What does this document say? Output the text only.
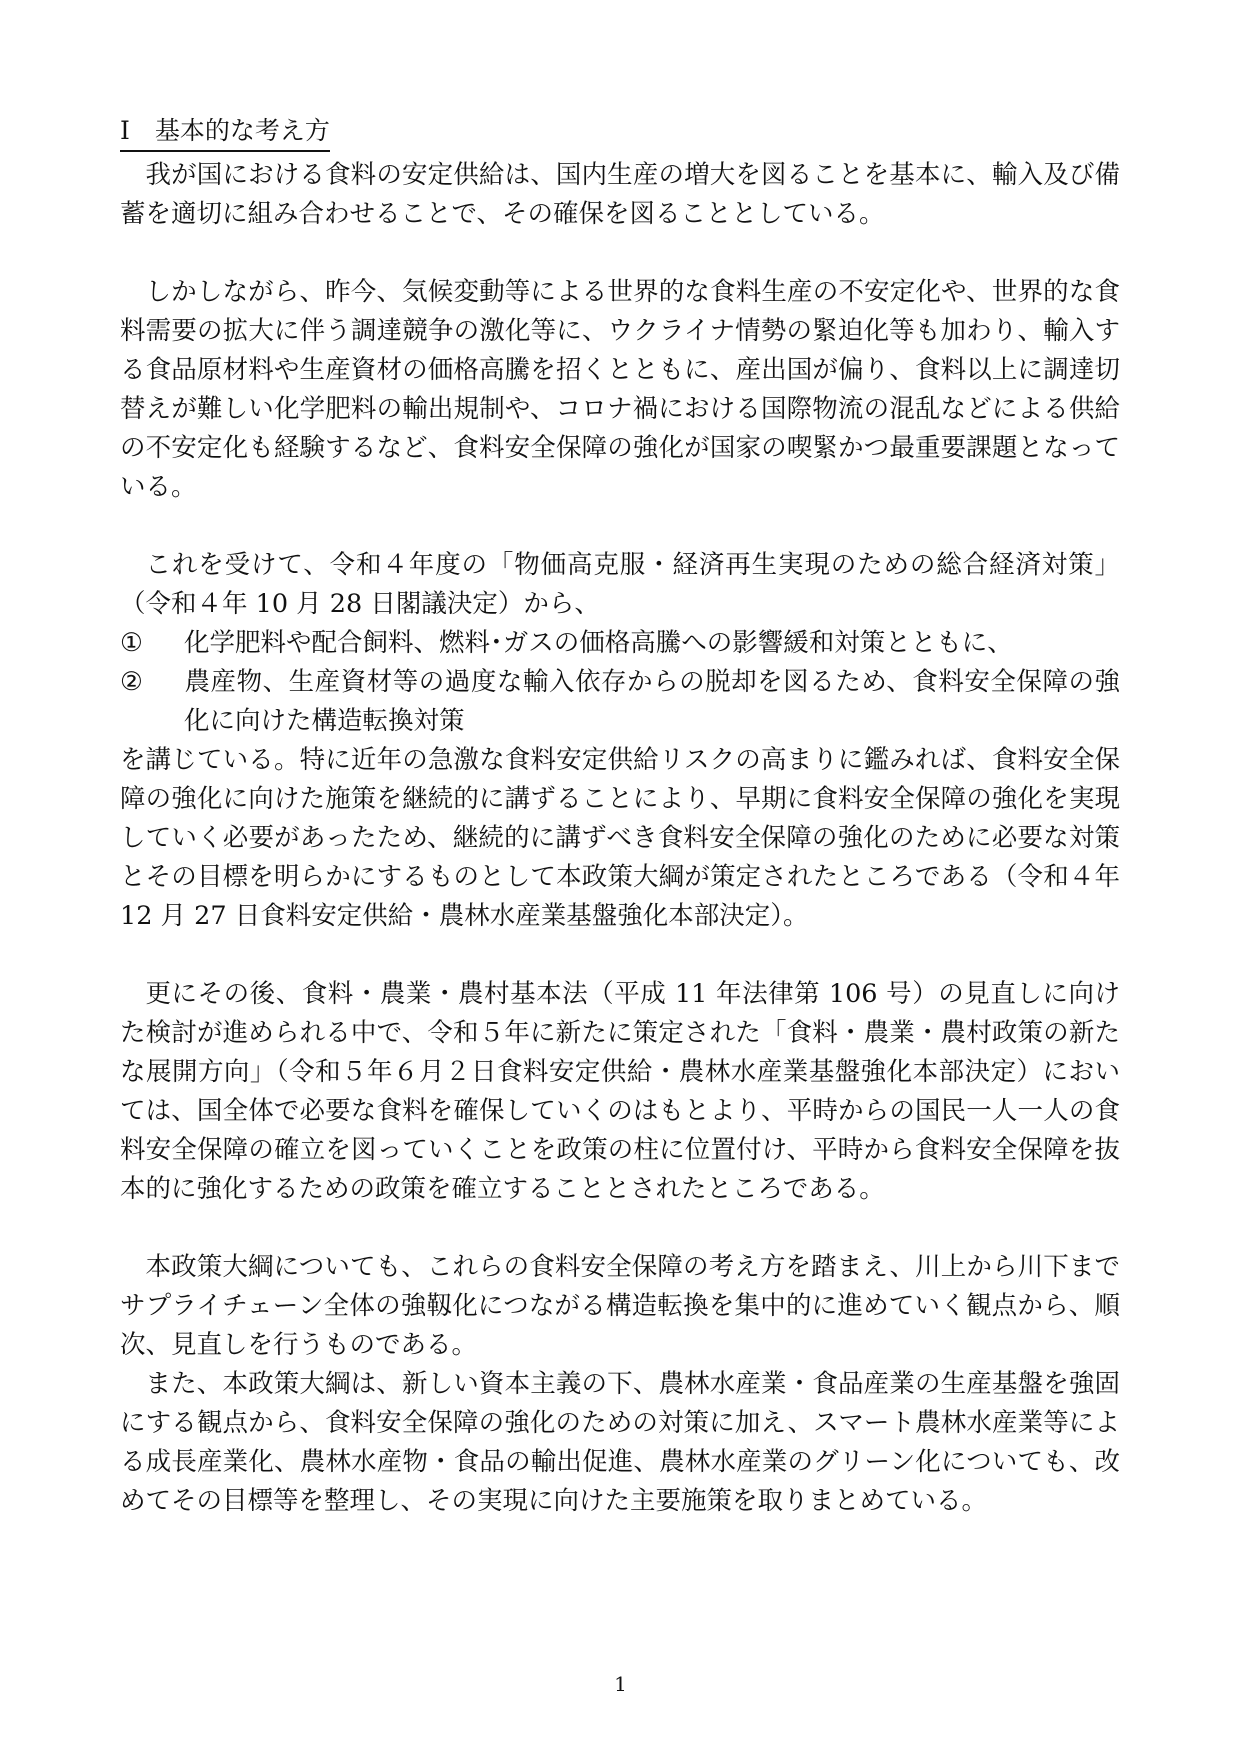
Ⅰ　基本的な考え方

我が国における食料の安定供給は、国内生産の増大を図ることを基本に、輸入及び備蓄を適切に組み合わせることで、その確保を図ることとしている。

しかしながら、昨今、気候変動等による世界的な食料生産の不安定化や、世界的な食料需要の拡大に伴う調達競争の激化等に、ウクライナ情勢の緊迫化等も加わり、輸入する食品原材料や生産資材の価格高騰を招くとともに、産出国が偏り、食料以上に調達切替えが難しい化学肥料の輸出規制や、コロナ禍における国際物流の混乱などによる供給の不安定化も経験するなど、食料安全保障の強化が国家の喫緊かつ最重要課題となっている。

これを受けて、令和４年度の「物価高克服・経済再生実現のための総合経済対策」（令和４年 10 月 28 日閣議決定）から、

① 化学肥料や配合飼料、燃料･ガスの価格高騰への影響緩和対策とともに、

② 農産物、生産資材等の過度な輸入依存からの脱却を図るため、食料安全保障の強化に向けた構造転換対策

を講じている。特に近年の急激な食料安定供給リスクの高まりに鑑みれば、食料安全保障の強化に向けた施策を継続的に講ずることにより、早期に食料安全保障の強化を実現していく必要があったため、継続的に講ずべき食料安全保障の強化のために必要な対策とその目標を明らかにするものとして本政策大綱が策定されたところである（令和４年 12 月 27 日食料安定供給・農林水産業基盤強化本部決定）。

更にその後、食料・農業・農村基本法（平成 11 年法律第 106 号）の見直しに向けた検討が進められる中で、令和５年に新たに策定された「食料・農業・農村政策の新たな展開方向」（令和５年６月２日食料安定供給・農林水産業基盤強化本部決定）においては、国全体で必要な食料を確保していくのはもとより、平時からの国民一人一人の食料安全保障の確立を図っていくことを政策の柱に位置付け、平時から食料安全保障を抜本的に強化するための政策を確立することとされたところである。

本政策大綱についても、これらの食料安全保障の考え方を踏まえ、川上から川下までサプライチェーン全体の強靱化につながる構造転換を集中的に進めていく観点から、順次、見直しを行うものである。

また、本政策大綱は、新しい資本主義の下、農林水産業・食品産業の生産基盤を強固にする観点から、食料安全保障の強化のための対策に加え、スマート農林水産業等による成長産業化、農林水産物・食品の輸出促進、農林水産業のグリーン化についても、改めてその目標等を整理し、その実現に向けた主要施策を取りまとめている。

1
